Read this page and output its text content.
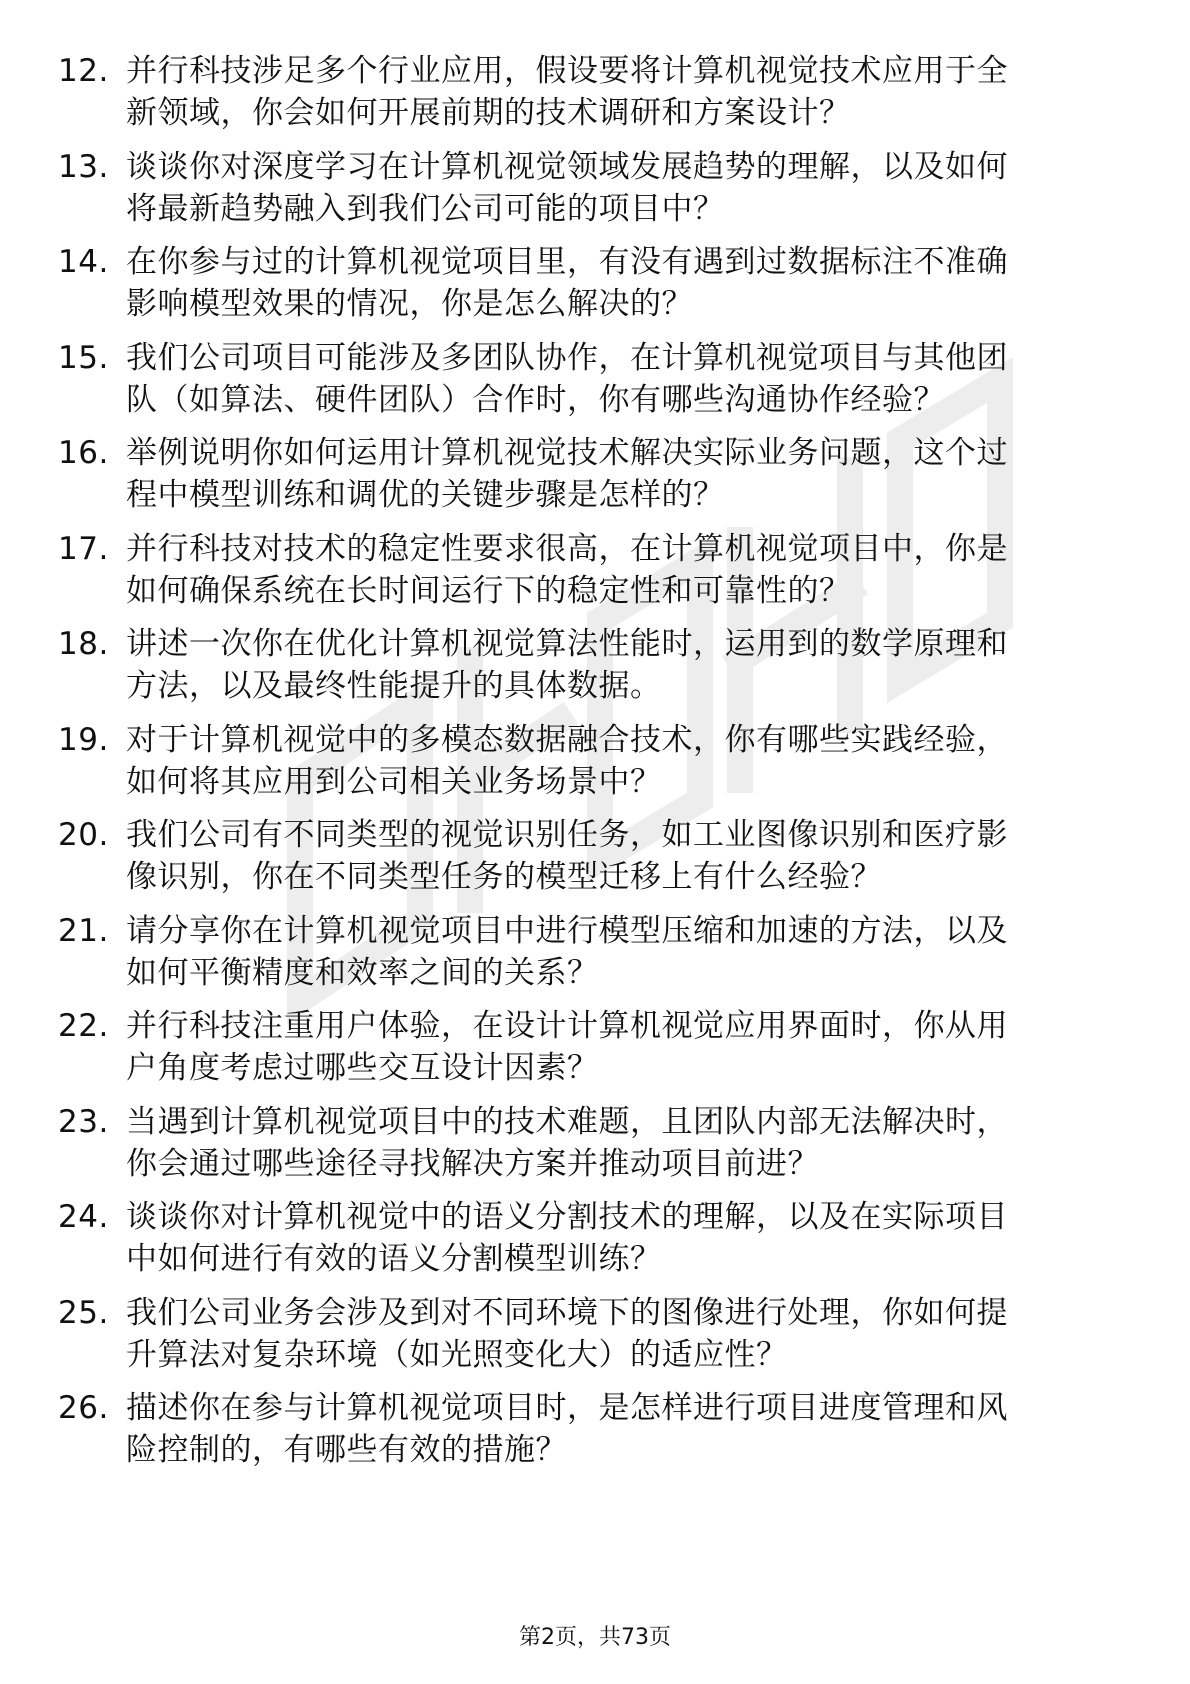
12. 并行科技涉足多个行业应用，假设要将计算机视觉技术应用于全
新领域，你会如何开展前期的技术调研和方案设计？
13. 谈谈你对深度学习在计算机视觉领域发展趋势的理解，以及如何
将最新趋势融入到我们公司可能的项目中？
14. 在你参与过的计算机视觉项目里，有没有遇到过数据标注不准确
影响模型效果的情况，你是怎么解决的？
15. 我们公司项目可能涉及多团队协作，在计算机视觉项目与其他团
队（如算法、硬件团队）合作时，你有哪些沟通协作经验？
16. 举例说明你如何运用计算机视觉技术解决实际业务问题，这个过
程中模型训练和调优的关键步骤是怎样的？
17. 并行科技对技术的稳定性要求很高，在计算机视觉项目中，你是
如何确保系统在长时间运行下的稳定性和可靠性的？
18. 讲述一次你在优化计算机视觉算法性能时，运用到的数学原理和
方法，以及最终性能提升的具体数据。
19. 对于计算机视觉中的多模态数据融合技术，你有哪些实践经验，
如何将其应用到公司相关业务场景中？
20. 我们公司有不同类型的视觉识别任务，如工业图像识别和医疗影
像识别，你在不同类型任务的模型迁移上有什么经验？
21. 请分享你在计算机视觉项目中进行模型压缩和加速的方法，以及
如何平衡精度和效率之间的关系？
22. 并行科技注重用户体验，在设计计算机视觉应用界面时，你从用
户角度考虑过哪些交互设计因素？
23. 当遇到计算机视觉项目中的技术难题，且团队内部无法解决时，
你会通过哪些途径寻找解决方案并推动项目前进？
24. 谈谈你对计算机视觉中的语义分割技术的理解，以及在实际项目
中如何进行有效的语义分割模型训练？
25. 我们公司业务会涉及到对不同环境下的图像进行处理，你如何提
升算法对复杂环境（如光照变化大）的适应性？
26. 描述你在参与计算机视觉项目时，是怎样进行项目进度管理和风
险控制的，有哪些有效的措施？
第2页，共73页
